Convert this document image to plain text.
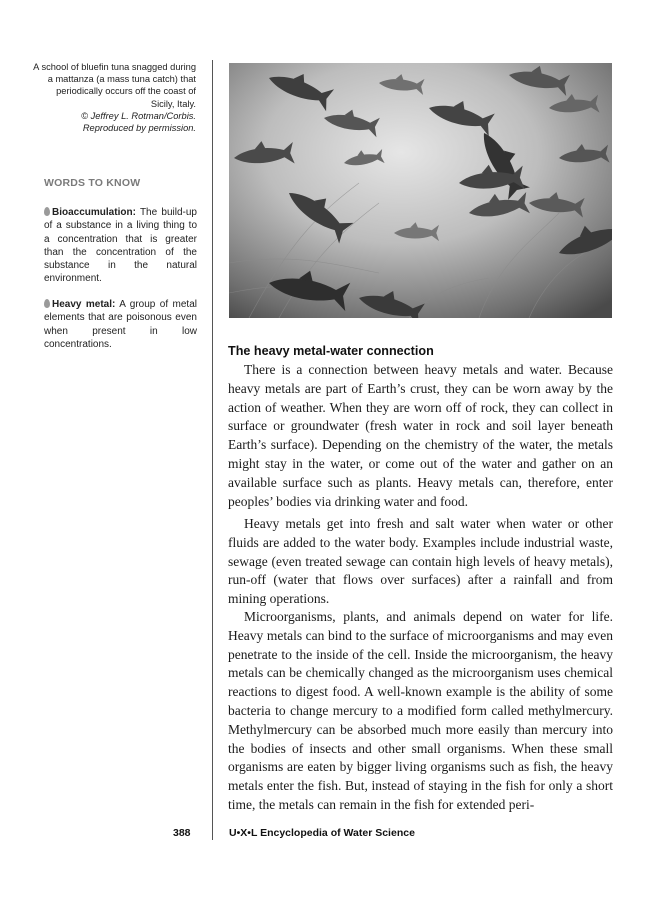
A school of bluefin tuna snagged during a mattanza (a mass tuna catch) that periodically occurs off the coast of Sicily, Italy.
© Jeffrey L. Rotman/Corbis.
Reproduced by permission.
WORDS TO KNOW
Bioaccumulation: The build-up of a substance in a living thing to a concentration that is greater than the concentration of the substance in the natural environment.
Heavy metal: A group of metal elements that are poisonous even when present in low concentrations.	The heavy metal-water connection

There is a connection between heavy metals and water. Because heavy metals are part of Earth’s crust, they can be worn away by the action of weather. When they are worn off of rock, they can collect in surface or groundwater (fresh water in rock and soil layer beneath Earth’s surface). Depending on the chemistry of the water, the metals might stay in the water, or come out of the water and gather on an available surface such as plants. Heavy metals can, therefore, enter peoples’ bodies via drinking water and food.

Heavy metals get into fresh and salt water when water or other fluids are added to the water body. Examples include industrial waste, sewage (even treated sewage can contain high levels of heavy metals), run-off (water that flows over surfaces) after a rainfall and from mining operations.

Microorganisms, plants, and animals depend on water for life. Heavy metals can bind to the surface of microorganisms and may even penetrate to the inside of the cell. Inside the microorganism, the heavy metals can be chemically changed as the microorganism uses chemical reactions to digest food. A well-known example is the ability of some bacteria to change mercury to a modified form called methylmercury. Methylmercury can be absorbed much more easily than mercury into the bodies of insects and other small organisms. When these small organisms are eaten by bigger living organisms such as fish, the heavy metals enter the fish. But, instead of staying in the fish for only a short time, the metals can remain in the fish for extended peri-

388	U•X•L Encyclopedia of Water Science
